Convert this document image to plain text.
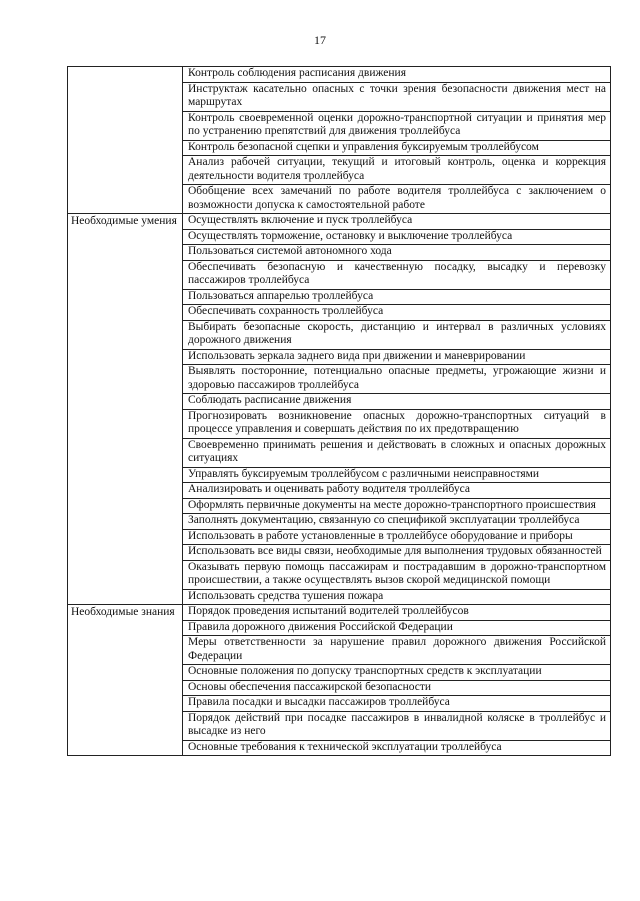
17
Контроль соблюдения расписания движения
Инструктаж касательно опасных с точки зрения безопасности движения мест на маршрутах
Контроль своевременной оценки дорожно-транспортной ситуации и принятия мер по устранению препятствий для движения троллейбуса
Контроль безопасной сцепки и управления буксируемым троллейбусом
Анализ рабочей ситуации, текущий и итоговый контроль, оценка и коррекция деятельности водителя троллейбуса
Обобщение всех замечаний по работе водителя троллейбуса с заключением о возможности допуска к самостоятельной работе
Необходимые умения Осуществлять включение и пуск троллейбуса
Осуществлять торможение, остановку и выключение троллейбуса
Пользоваться системой автономного хода
Обеспечивать безопасную и качественную посадку, высадку и перевозку пассажиров троллейбуса
Пользоваться аппарелью троллейбуса
Обеспечивать сохранность троллейбуса
Выбирать безопасные скорость, дистанцию и интервал в различных условиях дорожного движения
Использовать зеркала заднего вида при движении и маневрировании
Выявлять посторонние, потенциально опасные предметы, угрожающие жизни и здоровью пассажиров троллейбуса
Соблюдать расписание движения
Прогнозировать возникновение опасных дорожно-транспортных ситуаций в процессе управления и совершать действия по их предотвращению
Своевременно принимать решения и действовать в сложных и опасных дорожных ситуациях
Управлять буксируемым троллейбусом с различными неисправностями
Анализировать и оценивать работу водителя троллейбуса
Оформлять первичные документы на месте дорожно-транспортного происшествия
Заполнять документацию, связанную со спецификой эксплуатации троллейбуса
Использовать в работе установленные в троллейбусе оборудование и приборы
Использовать все виды связи, необходимые для выполнения трудовых обязанностей
Оказывать первую помощь пассажирам и пострадавшим в дорожно-транспортном происшествии, а также осуществлять вызов скорой медицинской помощи
Использовать средства тушения пожара
Необходимые знания	Порядок проведения испытаний водителей троллейбусов
Правила дорожного движения Российской Федерации
Меры ответственности за нарушение правил дорожного движения Российской Федерации
Основные положения по допуску транспортных средств к эксплуатации
Основы обеспечения пассажирской безопасности
Правила посадки и высадки пассажиров троллейбуса
Порядок действий при посадке пассажиров в инвалидной коляске в троллейбус и высадке из него
Основные требования к технической эксплуатации троллейбуса
